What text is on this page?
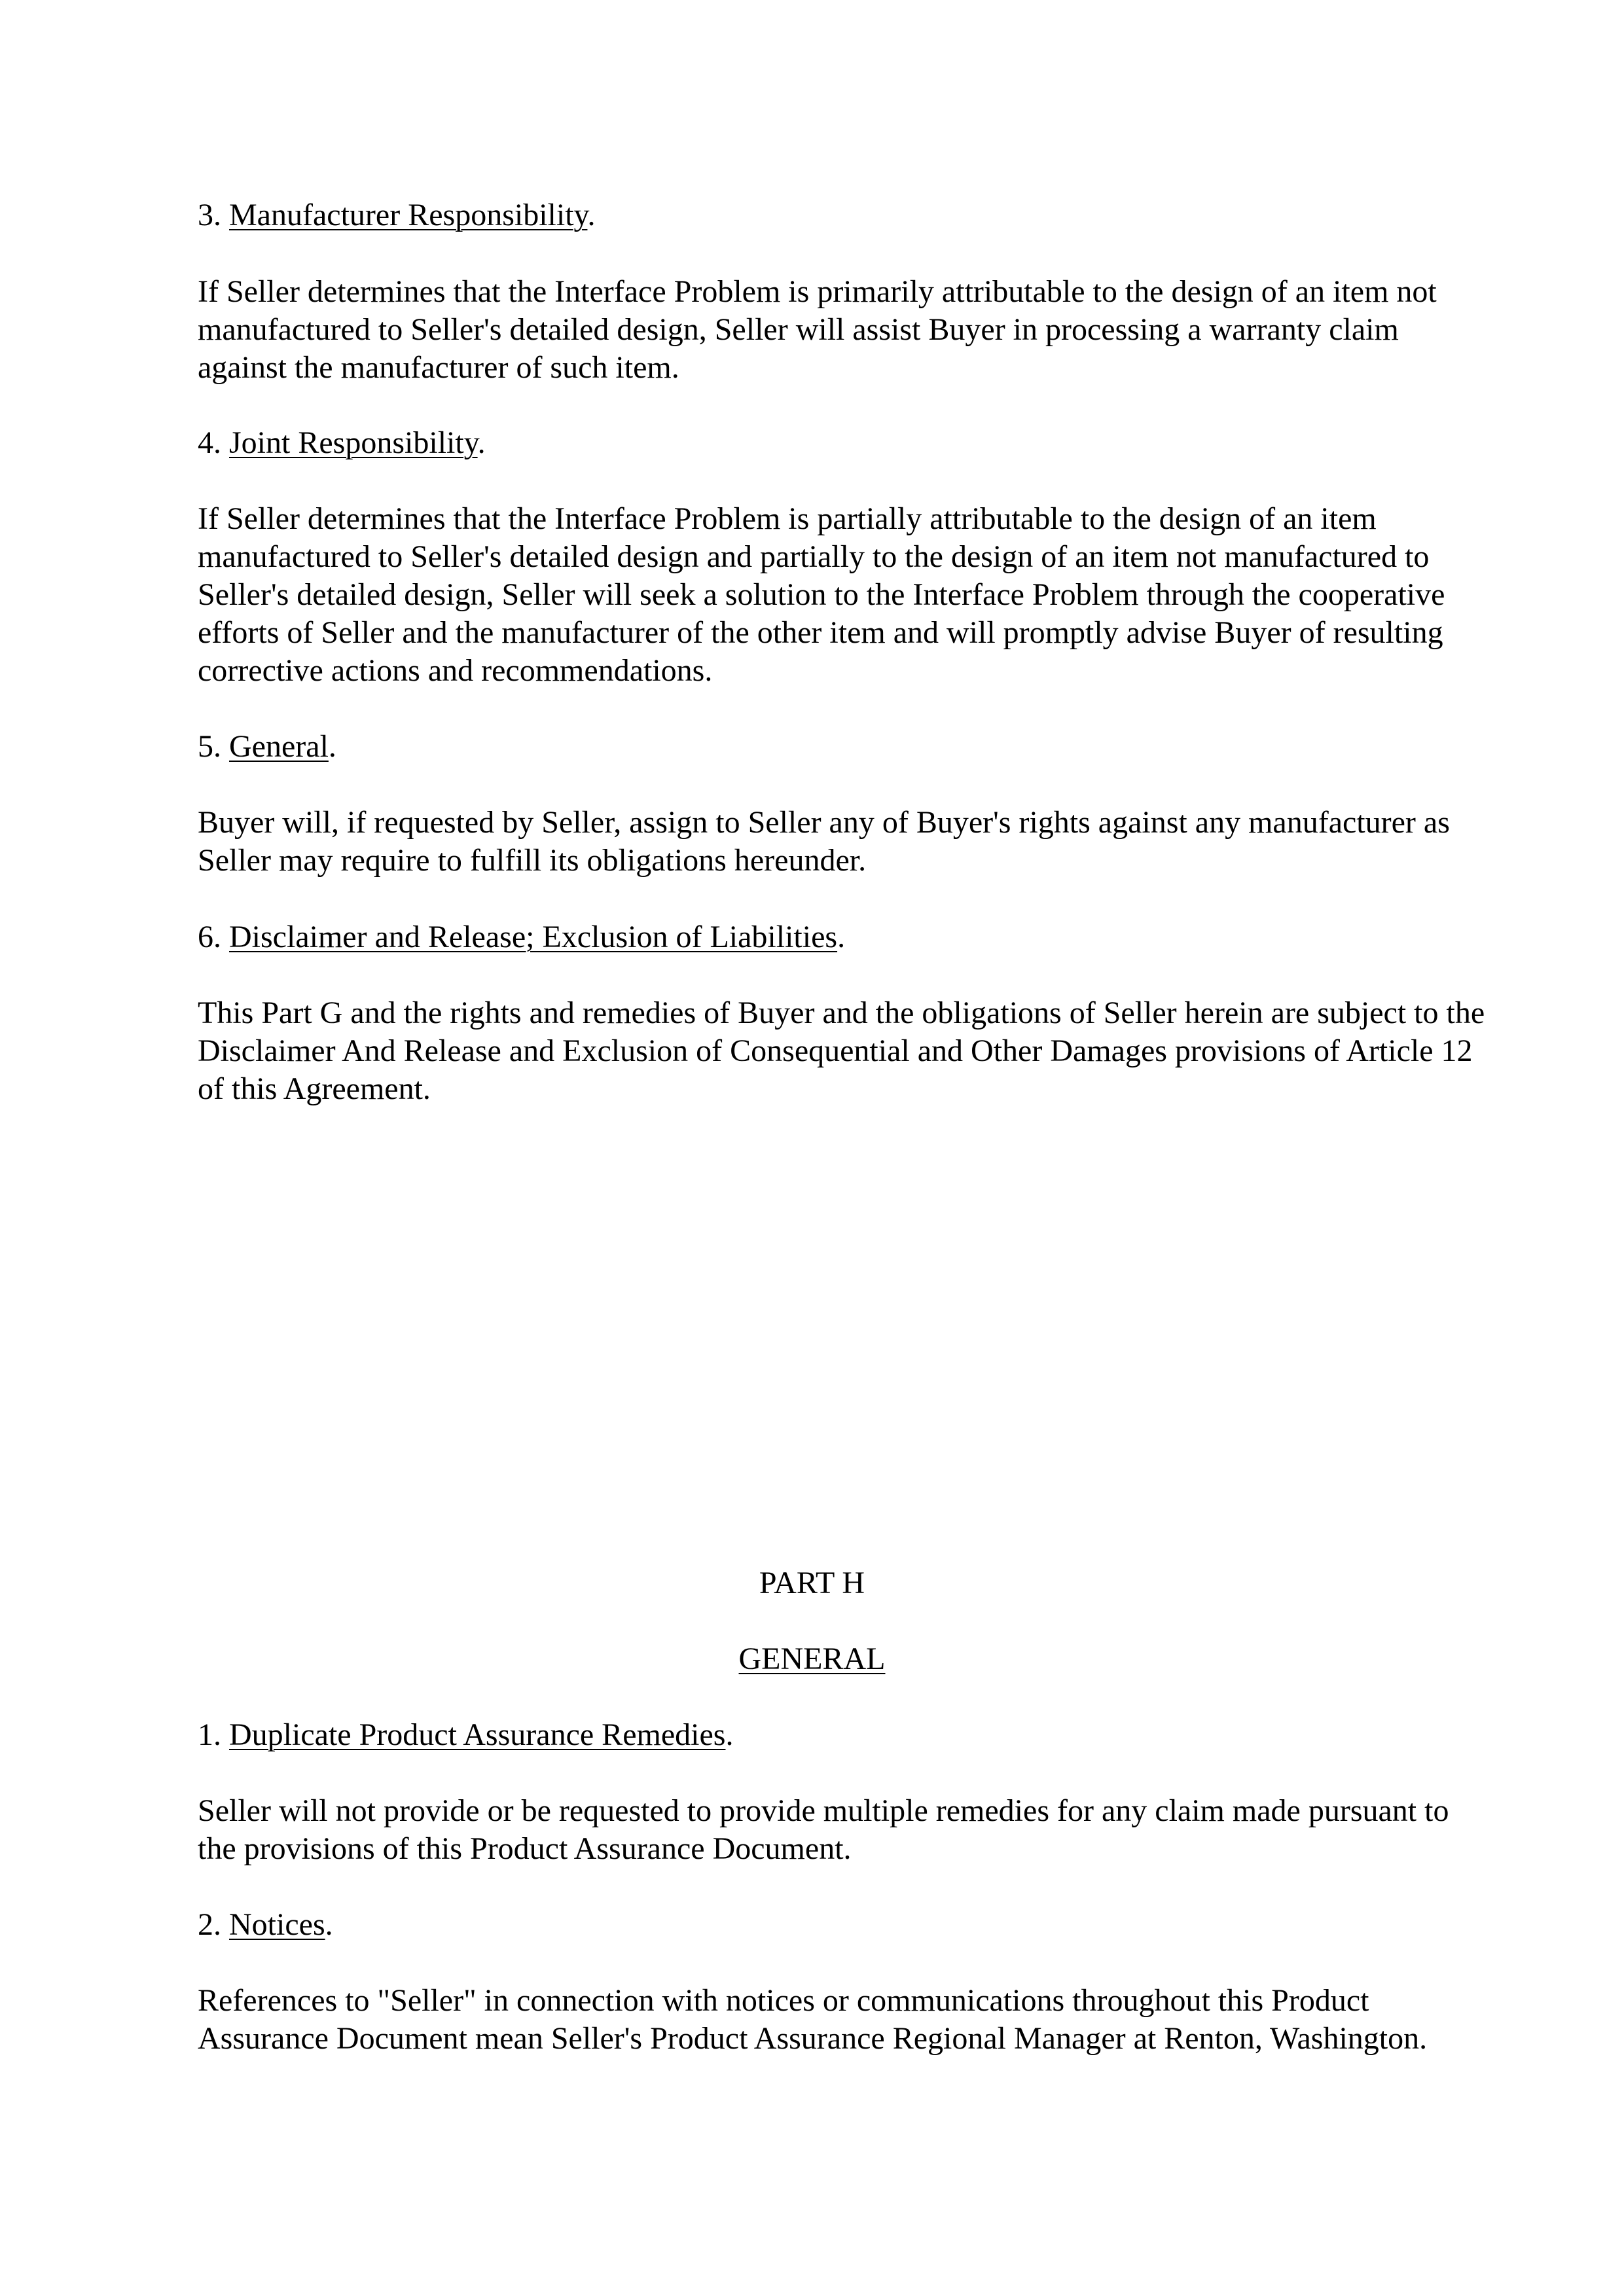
3. Manufacturer Responsibility.

If Seller determines that the Interface Problem is primarily attributable to the design of an item not manufactured to Seller's detailed design, Seller will assist Buyer in processing a warranty claim against the manufacturer of such item.

4. Joint Responsibility.

If Seller determines that the Interface Problem is partially attributable to the design of an item manufactured to Seller's detailed design and partially to the design of an item not manufactured to Seller's detailed design, Seller will seek a solution to the Interface Problem through the cooperative efforts of Seller and the manufacturer of the other item and will promptly advise Buyer of resulting corrective actions and recommendations.

5. General.

Buyer will, if requested by Seller, assign to Seller any of Buyer's rights against any manufacturer as Seller may require to fulfill its obligations hereunder.

6. Disclaimer and Release; Exclusion of Liabilities.

This Part G and the rights and remedies of Buyer and the obligations of Seller herein are subject to the Disclaimer And Release and Exclusion of Consequential and Other Damages provisions of Article 12 of this Agreement.

PART H

GENERAL

1. Duplicate Product Assurance Remedies.

Seller will not provide or be requested to provide multiple remedies for any claim made pursuant to the provisions of this Product Assurance Document.

2. Notices.

References to "Seller" in connection with notices or communications throughout this Product Assurance Document mean Seller's Product Assurance Regional Manager at Renton, Washington.
